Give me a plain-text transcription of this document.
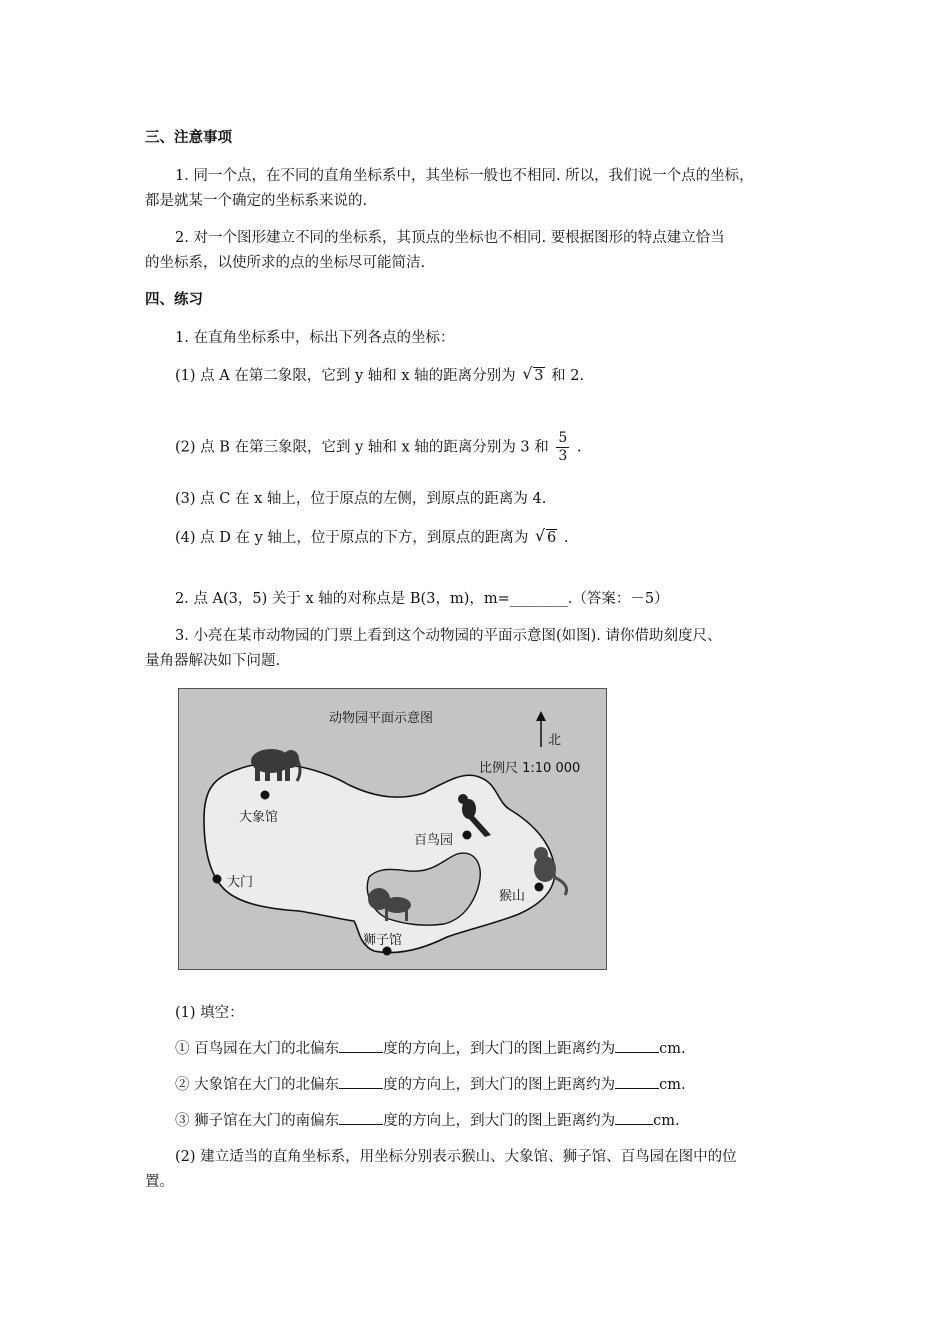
三、注意事项
1. 同一个点，在不同的直角坐标系中，其坐标一般也不相同. 所以，我们说一个点的坐标，
都是就某一个确定的坐标系来说的.
2. 对一个图形建立不同的坐标系，其顶点的坐标也不相同. 要根据图形的特点建立恰当
的坐标系，以使所求的点的坐标尽可能简洁.
四、练习
1. 在直角坐标系中，标出下列各点的坐标：
(1) 点 A 在第二象限，它到 y 轴和 x 轴的距离分别为 √ 3 和 2.
(2) 点 B 在第三象限，它到 y 轴和 x 轴的距离分别为 3 和 $\frac{5}{3}$ .
(3) 点 C 在 x 轴上，位于原点的左侧，到原点的距离为 4.
(4) 点 D 在 y 轴上，位于原点的下方，到原点的距离为 √ 6 .
2. 点 A(3，5) 关于 x 轴的对称点是 B(3，m)，m=________.（答案：－5）
3. 小亮在某市动物园的门票上看到这个动物园的平面示意图(如图). 请你借助刻度尺、
量角器解决如下问题.
动物园平面示意图
北
比例尺 1:10 000
大象馆
百鸟园
大门
猴山
狮子馆
(1) 填空：
① 百鸟园在大门的北偏东	度的方向上，到大门的图上距离约为	cm.
② 大象馆在大门的北偏东	度的方向上，到大门的图上距离约为	cm.
③ 狮子馆在大门的南偏东	度的方向上，到大门的图上距离约为	cm.
(2) 建立适当的直角坐标系，用坐标分别表示猴山、大象馆、狮子馆、百鸟园在图中的位
置。
